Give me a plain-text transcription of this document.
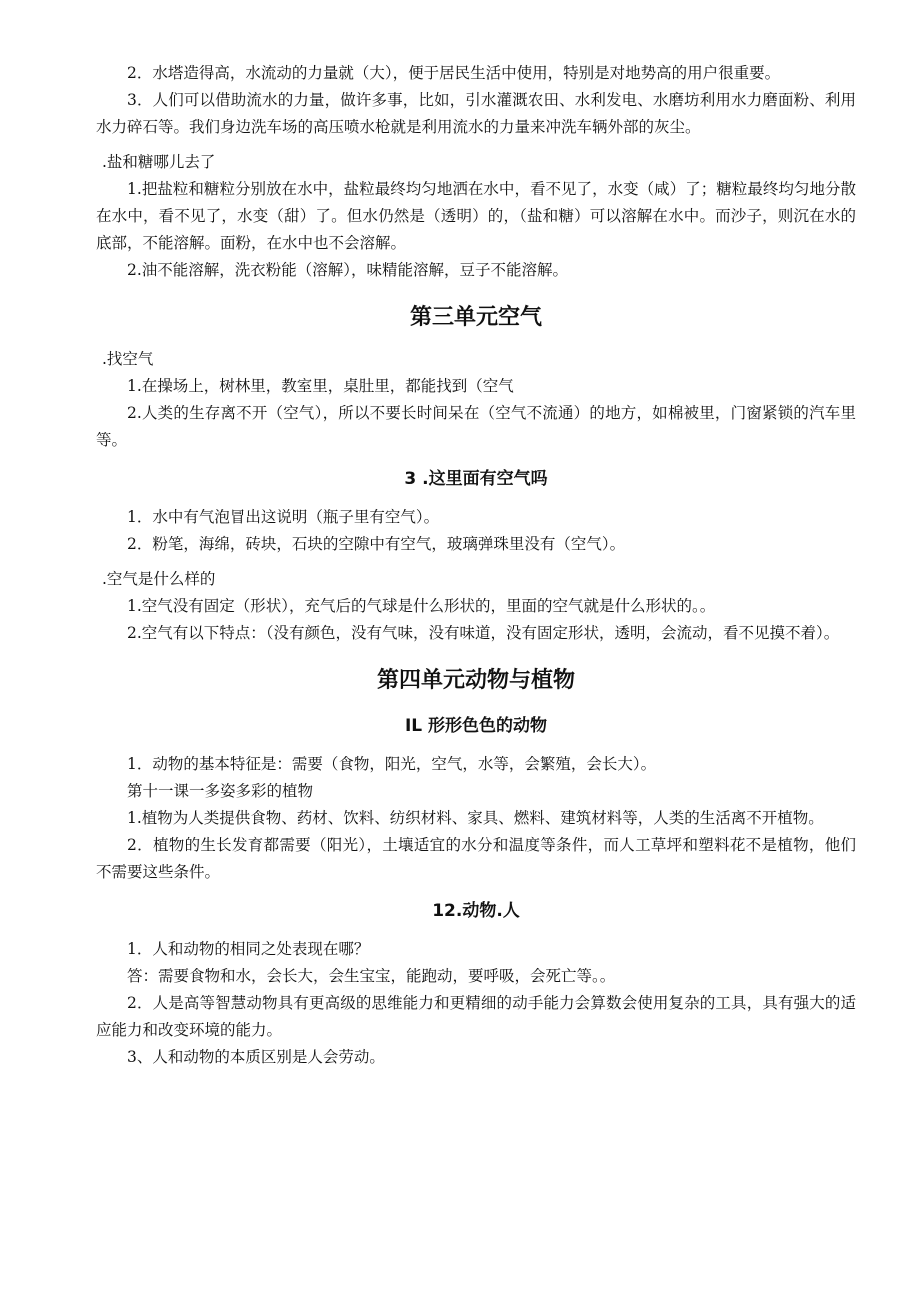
2．水塔造得高，水流动的力量就（大），便于居民生活中使用，特别是对地势高的用户很重要。

3．人们可以借助流水的力量，做许多事，比如，引水灌溉农田、水利发电、水磨坊利用水力磨面粉、利用水力碎石等。我们身边洗车场的高压喷水枪就是利用流水的力量来冲洗车辆外部的灰尘。

.盐和糖哪儿去了

1.把盐粒和糖粒分别放在水中，盐粒最终均匀地洒在水中，看不见了，水变（咸）了；糖粒最终均匀地分散在水中，看不见了，水变（甜）了。但水仍然是（透明）的，（盐和糖）可以溶解在水中。而沙子，则沉在水的底部，不能溶解。面粉，在水中也不会溶解。

2.油不能溶解，洗衣粉能（溶解），味精能溶解，豆子不能溶解。

第三单元空气

.找空气

1.在操场上，树林里，教室里，桌肚里，都能找到（空气

2.人类的生存离不开（空气），所以不要长时间呆在（空气不流通）的地方，如棉被里，门窗紧锁的汽车里等。

3 .这里面有空气吗

1．水中有气泡冒出这说明（瓶子里有空气）。

2．粉笔，海绵，砖块，石块的空隙中有空气，玻璃弹珠里没有（空气）。

.空气是什么样的

1.空气没有固定（形状），充气后的气球是什么形状的，里面的空气就是什么形状的。。

2.空气有以下特点：（没有颜色，没有气味，没有味道，没有固定形状，透明，会流动，看不见摸不着）。

第四单元动物与植物
IL 形形色色的动物

1．动物的基本特征是：需要（食物，阳光，空气，水等，会繁殖，会长大）。

第十一课一多姿多彩的植物

1.植物为人类提供食物、药材、饮料、纺织材料、家具、燃料、建筑材料等，人类的生活离不开植物。

2．植物的生长发育都需要（阳光），土壤适宜的水分和温度等条件，而人工草坪和塑料花不是植物，他们不需要这些条件。

12.动物.人

1．人和动物的相同之处表现在哪？

答：需要食物和水，会长大，会生宝宝，能跑动，要呼吸，会死亡等。。

2．人是高等智慧动物具有更高级的思维能力和更精细的动手能力会算数会使用复杂的工具，具有强大的适应能力和改变环境的能力。

3、人和动物的本质区别是人会劳动。
